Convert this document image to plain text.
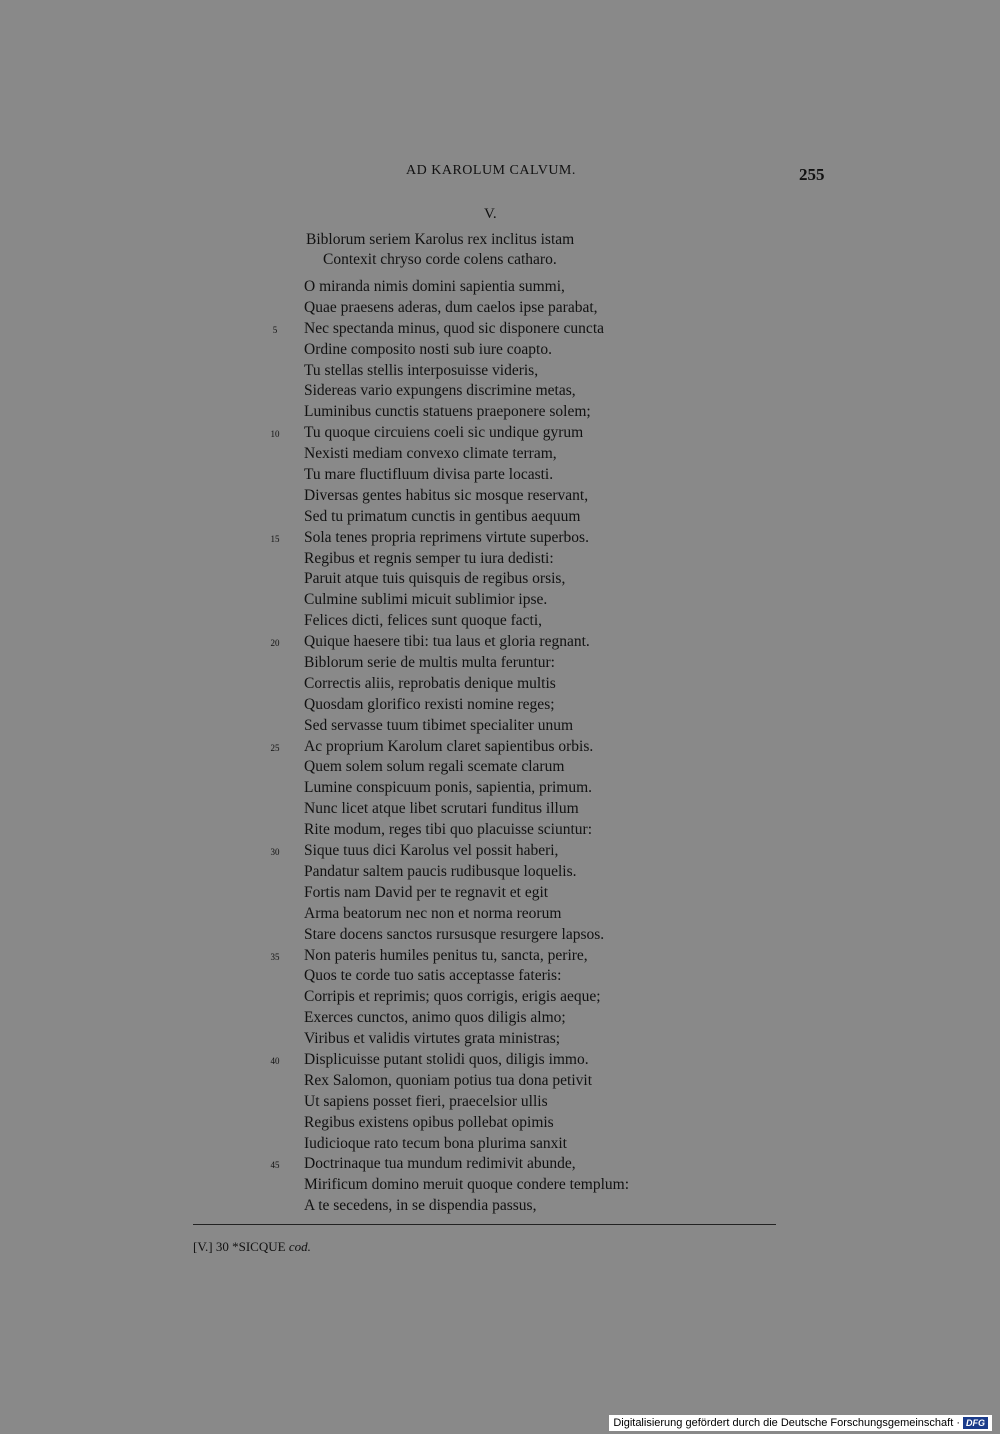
AD KAROLUM CALVUM.	255
V.
Biblorum seriem Karolus rex inclitus istam
Contexit chryso corde colens catharo.
O miranda nimis domini sapientia summi,
Quae praesens aderas, dum caelos ipse parabat,
5	Nec spectanda minus, quod sic disponere cuncta
Ordine composito nosti sub iure coapto.
Tu stellas stellis interposuisse videris,
Sidereas vario expungens discrimine metas,
Luminibus cunctis statuens praeponere solem;
10	Tu quoque circuiens coeli sic undique gyrum
Nexisti mediam convexo climate terram,
Tu mare fluctifluum divisa parte locasti.
Diversas gentes habitus sic mosque reservant,
Sed tu primatum cunctis in gentibus aequum
15	Sola tenes propria reprimens virtute superbos.
Regibus et regnis semper tu iura dedisti:
Paruit atque tuis quisquis de regibus orsis,
Culmine sublimi micuit sublimior ipse.
Felices dicti, felices sunt quoque facti,
20	Quique haesere tibi: tua laus et gloria regnant.
Biblorum serie de multis multa feruntur:
Correctis aliis, reprobatis denique multis
Quosdam glorifico rexisti nomine reges;
Sed servasse tuum tibimet specialiter unum
25	Ac proprium Karolum claret sapientibus orbis.
Quem solem solum regali scemate clarum
Lumine conspicuum ponis, sapientia, primum.
Nunc licet atque libet scrutari funditus illum
Rite modum, reges tibi quo placuisse sciuntur:
30	Sique tuus dici Karolus vel possit haberi,
Pandatur saltem paucis rudibusque loquelis.
Fortis nam David per te regnavit et egit
Arma beatorum nec non et norma reorum
Stare docens sanctos rursusque resurgere lapsos.
35	Non pateris humiles penitus tu, sancta, perire,
Quos te corde tuo satis acceptasse fateris:
Corripis et reprimis; quos corrigis, erigis aeque;
Exerces cunctos, animo quos diligis almo;
Viribus et validis virtutes grata ministras;
40	Displicuisse putant stolidi quos, diligis immo.
Rex Salomon, quoniam potius tua dona petivit
Ut sapiens posset fieri, praecelsior ullis
Regibus existens opibus pollebat opimis
Iudicioque rato tecum bona plurima sanxit
45	Doctrinaque tua mundum redimivit abunde,
Mirificum domino meruit quoque condere templum:
A te secedens, in se dispendia passus,
[V.] 30 *SICQUE cod.
Digitalisierung gefördert durch die Deutsche Forschungsgemeinschaft · DFG
